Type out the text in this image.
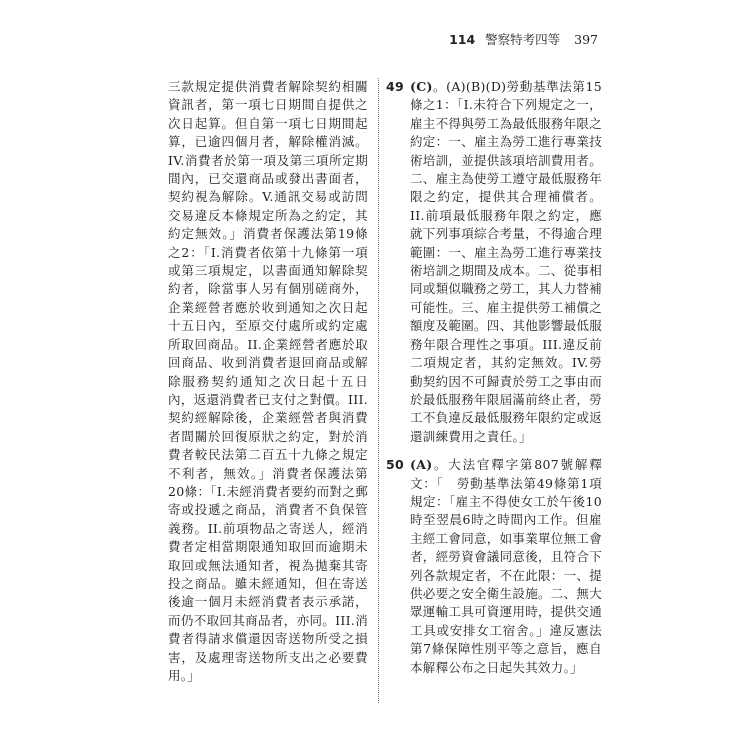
114 警察特考四等 397

三款規定提供消費者解除契約相關資訊者，第一項七日期間自提供之次日起算。但自第一項七日期間起算，已逾四個月者，解除權消滅。IV.消費者於第一項及第三項所定期間內，已交還商品或發出書面者，契約視為解除。V.通訊交易或訪問交易違反本條規定所為之約定，其約定無效。」消費者保護法第19條之2：「I.消費者依第十九條第一項或第三項規定，以書面通知解除契約者，除當事人另有個別磋商外，企業經營者應於收到通知之次日起十五日內，至原交付處所或約定處所取回商品。II.企業經營者應於取回商品、收到消費者退回商品或解除服務契約通知之次日起十五日內，返還消費者已支付之對價。III.契約經解除後，企業經營者與消費者間關於回復原狀之約定，對於消費者較民法第二百五十九條之規定不利者，無效。」消費者保護法第20條：「I.未經消費者要約而對之郵寄或投遞之商品，消費者不負保管義務。II.前項物品之寄送人，經消費者定相當期限通知取回而逾期未取回或無法通知者，視為拋棄其寄投之商品。雖未經通知，但在寄送後逾一個月未經消費者表示承諾，而仍不取回其商品者，亦同。III.消費者得請求償還因寄送物所受之損害，及處理寄送物所支出之必要費用。」

49 (C)。(A)(B)(D)勞動基準法第15條之1：「I.未符合下列規定之一，雇主不得與勞工為最低服務年限之約定：一、雇主為勞工進行專業技術培訓，並提供該項培訓費用者。二、雇主為使勞工遵守最低服務年限之約定，提供其合理補償者。II.前項最低服務年限之約定，應就下列事項綜合考量，不得逾合理範圍：一、雇主為勞工進行專業技術培訓之期間及成本。二、從事相同或類似職務之勞工，其人力替補可能性。三、雇主提供勞工補償之額度及範圍。四、其他影響最低服務年限合理性之事項。III.違反前二項規定者，其約定無效。IV.勞動契約因不可歸責於勞工之事由而於最低服務年限屆滿前終止者，勞工不負違反最低服務年限約定或返還訓練費用之責任。」

50 (A)。大法官釋字第807號解釋文：「　勞動基準法第49條第1項規定：「雇主不得使女工於午後10時至翌晨6時之時間內工作。但雇主經工會同意，如事業單位無工會者，經勞資會議同意後，且符合下列各款規定者，不在此限：一、提供必要之安全衛生設施。二、無大眾運輸工具可資運用時，提供交通工具或安排女工宿舍。」違反憲法第7條保障性別平等之意旨，應自本解釋公布之日起失其效力。」
